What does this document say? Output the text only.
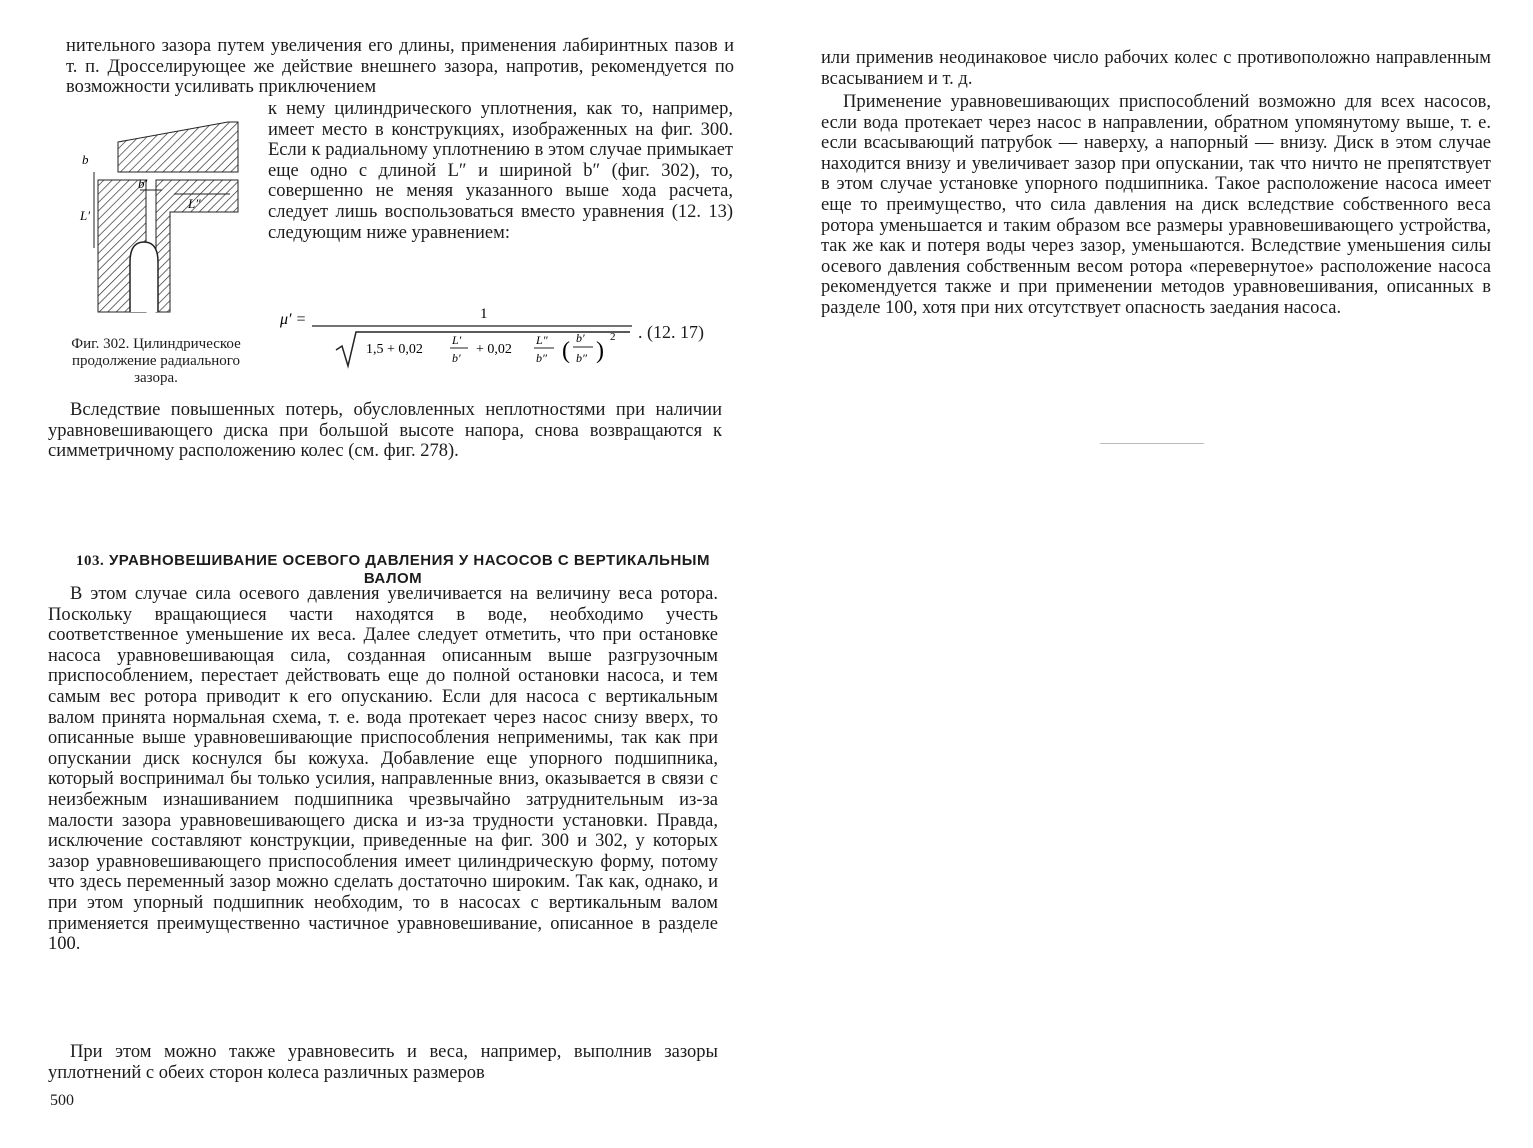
нительного зазора путем увеличения его длины, применения лабиринтных пазов и т. п. Дросселирующее же действие внешнего зазора, напротив, рекомендуется по возможности усиливать приключением

b
b′
L′
L″

к нему цилиндрического уплотнения, как то, например, имеет место в конструкциях, изображенных на фиг. 300. Если к радиальному уплотнению в этом случае примыкает еще одно с длиной L″ и шириной b″ (фиг. 302), то, совершенно не меняя указанного выше хода расчета, следует лишь воспользоваться вместо уравнения (12. 13) следующим ниже уравнением:

μ′ =	1
1,5 + 0,02
L′
b′
+ 0,02
L″
b″ ( b′
b″ )
2 . (12. 17)

Фиг. 302. Цилиндрическое продолжение радиального зазора.

Вследствие повышенных потерь, обусловленных неплотностями при наличии уравновешивающего диска при большой высоте напора, снова возвращаются к симметричному расположению колес (см. фиг. 278).

103. УРАВНОВЕШИВАНИЕ ОСЕВОГО ДАВЛЕНИЯ У НАСОСОВ С ВЕРТИКАЛЬНЫМ ВАЛОМ

В этом случае сила осевого давления увеличивается на величину веса ротора. Поскольку вращающиеся части находятся в воде, необходимо учесть соответственное уменьшение их веса. Далее следует отметить, что при остановке насоса уравновешивающая сила, созданная описанным выше разгрузочным приспособлением, перестает действовать еще до полной остановки насоса, и тем самым вес ротора приводит к его опусканию. Если для насоса с вертикальным валом принята нормальная схема, т. е. вода протекает через насос снизу вверх, то описанные выше уравновешивающие приспособления неприменимы, так как при опускании диск коснулся бы кожуха. Добавление еще упорного подшипника, который воспринимал бы только усилия, направленные вниз, оказывается в связи с неизбежным изнашиванием подшипника чрезвычайно затруднительным из-за малости зазора уравновешивающего диска и из-за трудности установки. Правда, исключение составляют конструкции, приведенные на фиг. 300 и 302, у которых зазор уравновешивающего приспособления имеет цилиндрическую форму, потому что здесь переменный зазор можно сделать достаточно широким. Так как, однако, и при этом упорный подшипник необходим, то в насосах с вертикальным валом применяется преимущественно частичное уравновешивание, описанное в разделе 100.

При этом можно также уравновесить и веса, например, выполнив зазоры уплотнений с обеих сторон колеса различных размеров

500

или применив неодинаковое число рабочих колес с противоположно направленным всасыванием и т. д.

Применение уравновешивающих приспособлений возможно для всех насосов, если вода протекает через насос в направлении, обратном упомянутому выше, т. е. если всасывающий патрубок — наверху, а напорный — внизу. Диск в этом случае находится внизу и увеличивает зазор при опускании, так что ничто не препятствует в этом случае установке упорного подшипника. Такое расположение насоса имеет еще то преимущество, что сила давления на диск вследствие собственного веса ротора уменьшается и таким образом все размеры уравновешивающего устройства, так же как и потеря воды через зазор, уменьшаются. Вследствие уменьшения силы осевого давления собственным весом ротора «перевернутое» расположение насоса рекомендуется также и при применении методов уравновешивания, описанных в разделе 100, хотя при них отсутствует опасность заедания насоса.
